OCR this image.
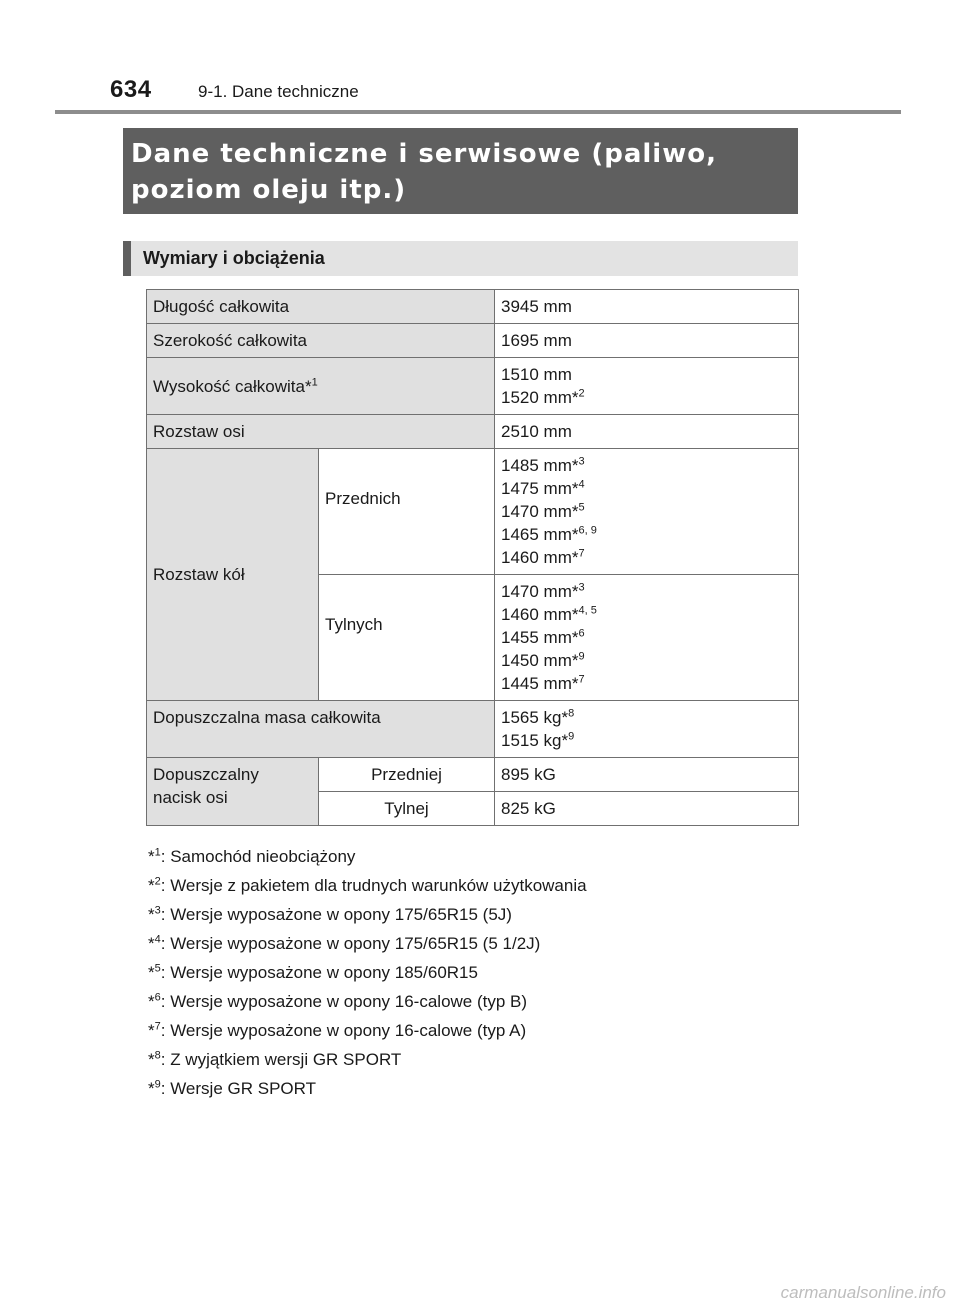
634	9-1. Dane techniczne
Dane techniczne i serwisowe (paliwo,
poziom oleju itp.)
Wymiary i obciążenia
Długość całkowita		3945 mm
Szerokość całkowita		1695 mm
Wysokość całkowita*$^1$		1510 mm
1520 mm*$^2$

Rozstaw osi		2510 mm
Rozstaw kół	Przednich	1485 mm*$^3$
1475 mm*$^4$
1470 mm*$^5$
1465 mm*$^{6, 9}$
1460 mm*$^7$

	Tylnych	1470 mm*$^3$
1460 mm*$^{4, 5}$
1455 mm*$^6$
1450 mm*$^9$
1445 mm*$^7$

Dopuszczalna masa całkowita		1565 kg*$^8$
1515 kg*$^9$

Dopuszczalny
nacisk osi	Przedniej	895 kG
	Tylnej	825 kG
*$^1$: Samochód nieobciążony
*$^2$: Wersje z pakietem dla trudnych warunków użytkowania
*$^3$: Wersje wyposażone w opony 175/65R15 (5J)
*$^4$: Wersje wyposażone w opony 175/65R15 (5 1/2J)
*$^5$: Wersje wyposażone w opony 185/60R15
*$^6$: Wersje wyposażone w opony 16-calowe (typ B)
*$^7$: Wersje wyposażone w opony 16-calowe (typ A)
*$^8$: Z wyjątkiem wersji GR SPORT
*$^9$: Wersje GR SPORT
carmanualsonline.info
